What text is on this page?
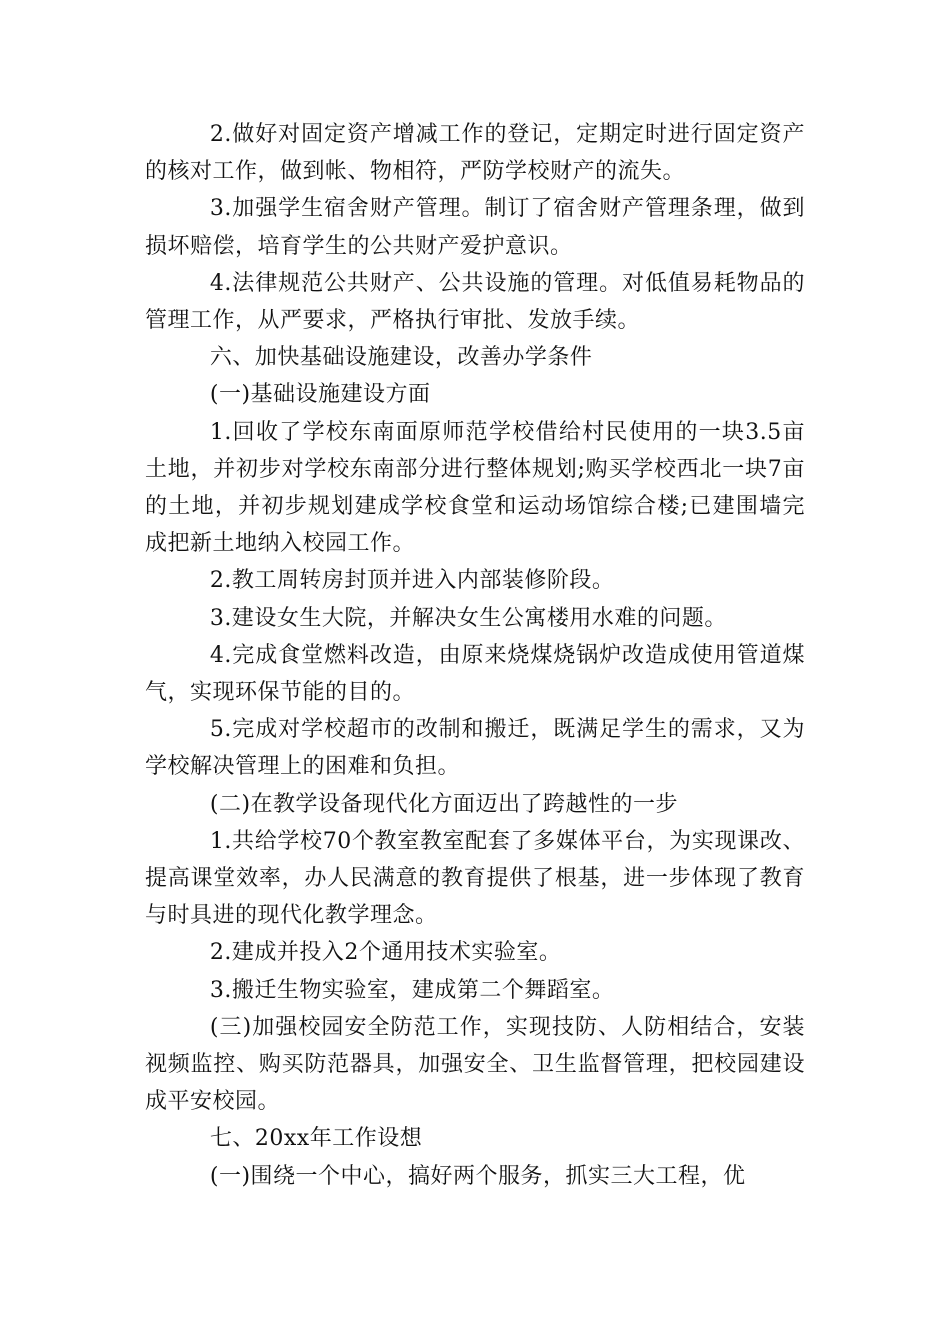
2.做好对固定资产增减工作的登记，定期定时进行固定资产的核对工作，做到帐、物相符，严防学校财产的流失。

3.加强学生宿舍财产管理。制订了宿舍财产管理条理，做到损坏赔偿，培育学生的公共财产爱护意识。

4.法律规范公共财产、公共设施的管理。对低值易耗物品的管理工作，从严要求，严格执行审批、发放手续。

六、加快基础设施建设，改善办学条件

(一)基础设施建设方面

1.回收了学校东南面原师范学校借给村民使用的一块3.5亩土地，并初步对学校东南部分进行整体规划;购买学校西北一块7亩的土地，并初步规划建成学校食堂和运动场馆综合楼;已建围墙完成把新土地纳入校园工作。

2.教工周转房封顶并进入内部装修阶段。

3.建设女生大院，并解决女生公寓楼用水难的问题。

4.完成食堂燃料改造，由原来烧煤烧锅炉改造成使用管道煤气，实现环保节能的目的。

5.完成对学校超市的改制和搬迁，既满足学生的需求，又为学校解决管理上的困难和负担。

(二)在教学设备现代化方面迈出了跨越性的一步

1.共给学校70个教室教室配套了多媒体平台，为实现课改、提高课堂效率，办人民满意的教育提供了根基，进一步体现了教育与时具进的现代化教学理念。

2.建成并投入2个通用技术实验室。

3.搬迁生物实验室，建成第二个舞蹈室。

(三)加强校园安全防范工作，实现技防、人防相结合，安装视频监控、购买防范器具，加强安全、卫生监督管理，把校园建设成平安校园。

七、20xx年工作设想

(一)围绕一个中心，搞好两个服务，抓实三大工程，优
